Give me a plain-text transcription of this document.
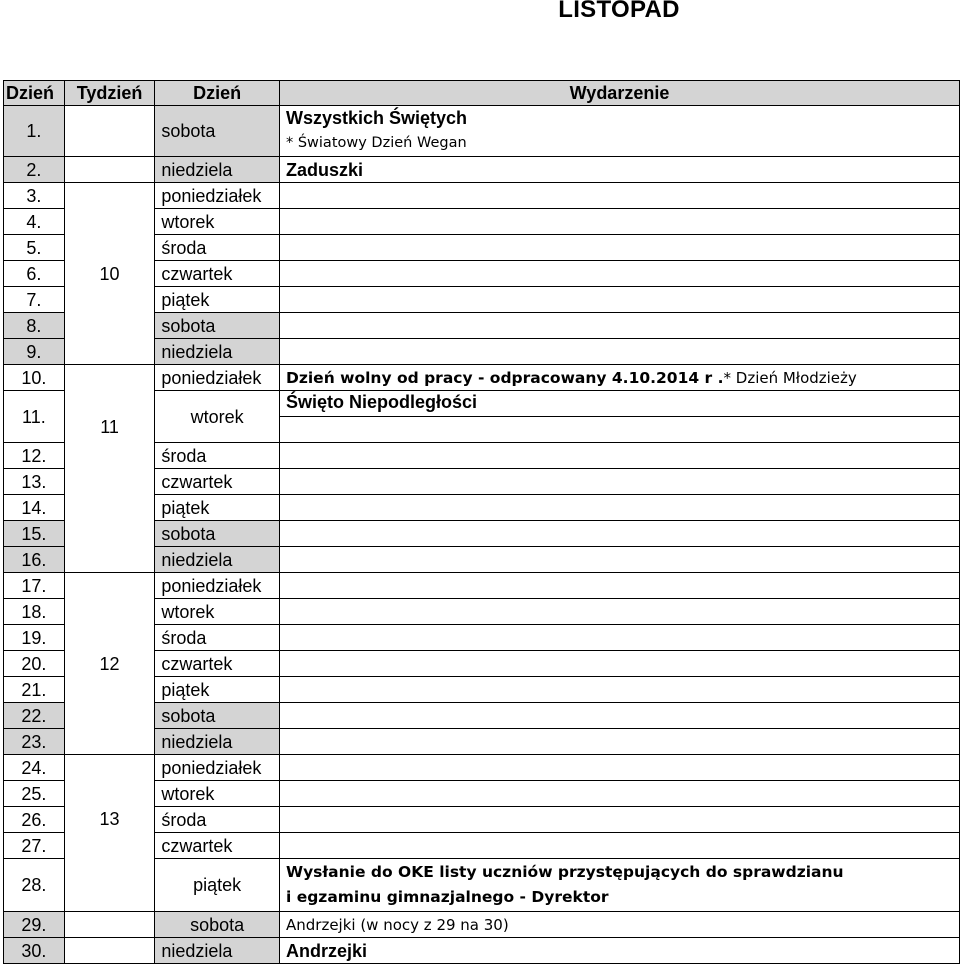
LISTOPAD
Dzień	Tydzień	Dzień	Wydarzenie
1.		sobota	Wszystkich Świętych
* Światowy Dzień Wegan

2.		niedziela	Zaduszki
3.	10	poniedziałek	
4.		wtorek	
5.		środa	
6.		czwartek	
7.		piątek	
8.		sobota	
9.		niedziela	
10.	11	poniedziałek	Dzień wolny od pracy - odpracowany 4.10.2014 r .* Dzień Młodzieży
11.		wtorek	Święto Niepodległości

12.		środa	
13.		czwartek	
14.		piątek	
15.		sobota	
16.		niedziela	
17.	12	poniedziałek	
18.		wtorek	
19.		środa	
20.		czwartek	
21.		piątek	
22.		sobota	
23.		niedziela	
24.	13	poniedziałek	
25.		wtorek	
26.		środa	
27.		czwartek	
28.		piątek	Wysłanie do OKE listy uczniów przystępujących do sprawdzianu
i egzaminu gimnazjalnego - Dyrektor

29.		sobota	Andrzejki (w nocy z 29 na 30)
30.		niedziela	Andrzejki
